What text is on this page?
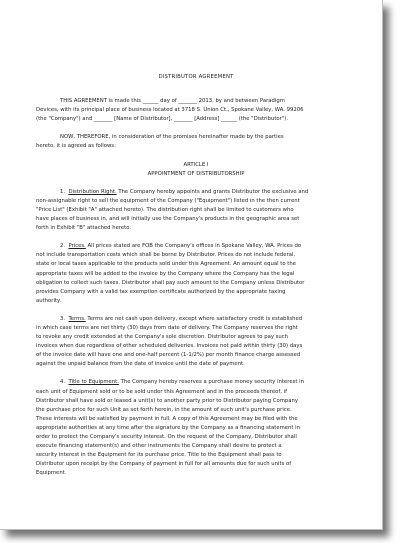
DISTRIBUTOR AGREEMENT
THIS AGREEMENT is made this ______ day of _______ 2013, by and between Paradigm
Devices, with its principal place of business located at 3718 S. Union Ct., Spokane Valley, WA. 99206
(the "Company") and _______ [Name of Distributor], _______ [Address] ______ (the "Distributor").
NOW, THEREFORE, in consideration of the promises hereinafter made by the parties
hereto, it is agreed as follows:
ARTICLE I
APPOINTMENT OF DISTRIBUTORSHIP
1. Distribution Right. The Company hereby appoints and grants Distributor the exclusive and
non-assignable right to sell the equipment of the Company ("Equipment") listed in the then current
"Price List" (Exhibit "A" attached hereto). The distribution right shall be limited to customers who
have places of business in, and will initially use the Company's products in the geographic area set
forth in Exhibit "B" attached hereto.
2. Prices. All prices stated are FOB the Company's offices in Spokane Valley, WA. Prices do
not include transportation costs which shall be borne by Distributor. Prices do not include federal,
state or local taxes applicable to the products sold under this Agreement. An amount equal to the
appropriate taxes will be added to the invoice by the Company where the Company has the legal
obligation to collect such taxes. Distributor shall pay such amount to the Company unless Distributor
provides Company with a valid tax exemption certificate authorized by the appropriate taxing
authority.
3. Terms. Terms are net cash upon delivery, except where satisfactory credit is established
in which case terms are net thirty (30) days from date of delivery. The Company reserves the right
to revoke any credit extended at the Company's sole discretion. Distributor agrees to pay such
invoices when due regardless of other scheduled deliveries. Invoices not paid within thirty (30) days
of the invoice date will have one and one-half percent (1-1/2%) per month finance charge assessed
against the unpaid balance from the date of invoice until the date of payment.
4. Title to Equipment. The Company hereby reserves a purchase money security interest in
each unit of Equipment sold or to be sold under this Agreement and in the proceeds thereof, if
Distributor shall have sold or leased a unit(s) to another party prior to Distributor paying Company
the purchase price for such Unit as set forth herein, in the amount of such unit's purchase price.
These interests will be satisfied by payment in full. A copy of this Agreement may be filed with the
appropriate authorities at any time after the signature by the Company as a financing statement in
order to protect the Company's security interest. On the request of the Company, Distributor shall
execute financing statement(s) and other instruments the Company shall desire to protect a
security interest in the Equipment for its purchase price. Title to the Equipment shall pass to
Distributor upon receipt by the Company of payment in full for all amounts due for such units of
Equipment.
